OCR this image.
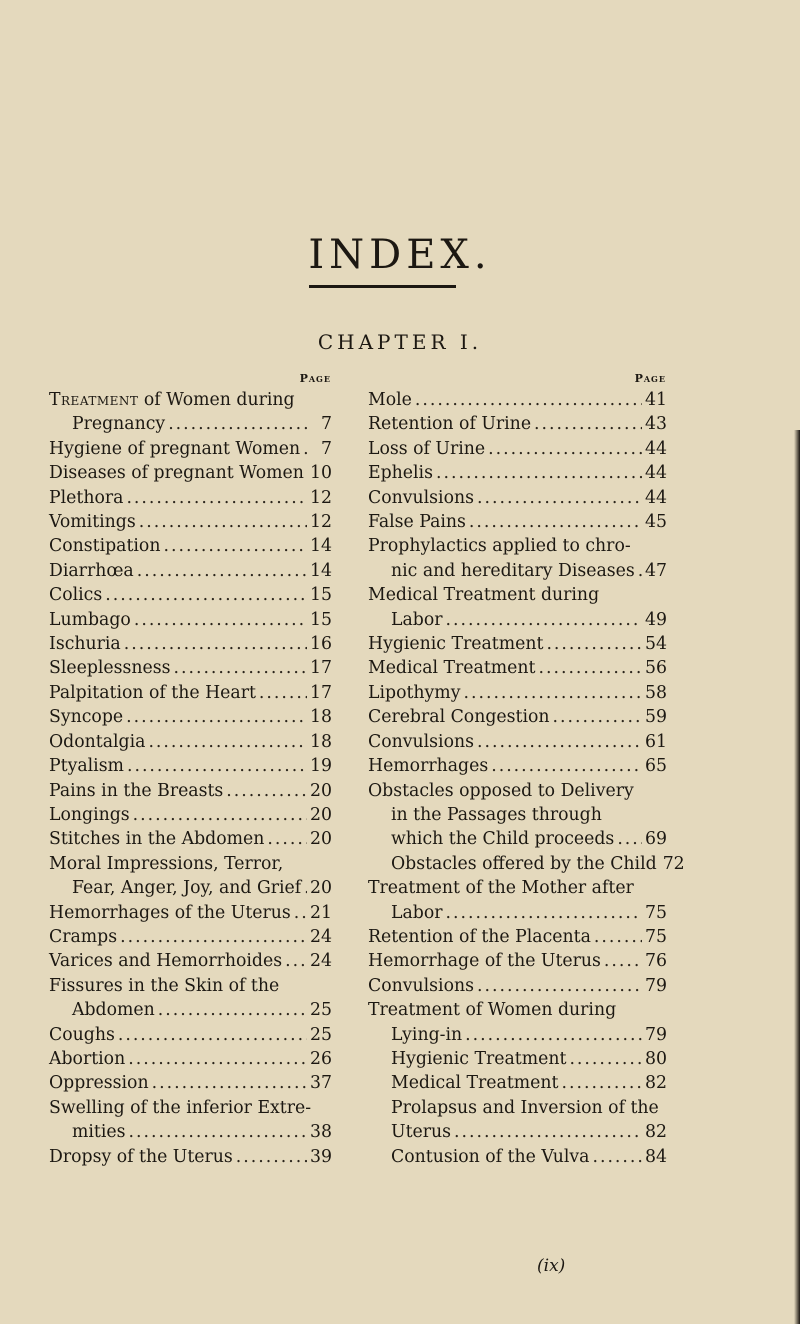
INDEX.
CHAPTER I.
Page	Page
Treatment of Women during
Pregnancy .....	7
Hygiene of pregnant Women .....	7
Diseases of pregnant Women ..... 10
Plethora .....	12
Vomitings .....	12
Constipation .....	14
Diarrhœa .....	14
Colics .....	15
Lumbago .....	15
Ischuria .....	16
Sleeplessness .....	17
Palpitation of the Heart .....	17
Syncope .....	18
Odontalgia .....	18
Ptyalism .....	19
Pains in the Breasts .....	20
Longings .....	20
Stitches in the Abdomen .....	20
Moral Impressions, Terror,
Fear, Anger, Joy, and Grief ..... 20
Hemorrhages of the Uterus ..... 21
Cramps .....	24
Varices and Hemorrhoides ..... 24
Fissures in the Skin of the
Abdomen .....	25
Coughs .....	25
Abortion .....	26
Oppression .....	37
Swelling of the inferior Extre-
mities .....	38
Dropsy of the Uterus .....	39
Mole .....	41
Retention of Urine .....	43
Loss of Urine .....	44
Ephelis .....	44
Convulsions .....	44
False Pains .....	45
Prophylactics applied to chro-
nic and hereditary Diseases ..... 47
Medical Treatment during
Labor .....	49
Hygienic Treatment .....	54
Medical Treatment .....	56
Lipothymy .....	58
Cerebral Congestion .....	59
Convulsions .....	61
Hemorrhages .....	65
Obstacles opposed to Delivery
in the Passages through
which the Child proceeds ..... 69
Obstacles offered by the Child 72
Treatment of the Mother after
Labor .....	75
Retention of the Placenta .....	75
Hemorrhage of the Uterus .....	76
Convulsions .....	79
Treatment of Women during
Lying-in .....	79
Hygienic Treatment .....	80
Medical Treatment .....	82
Prolapsus and Inversion of the
Uterus .....	82
Contusion of the Vulva .....	84
(ix)
